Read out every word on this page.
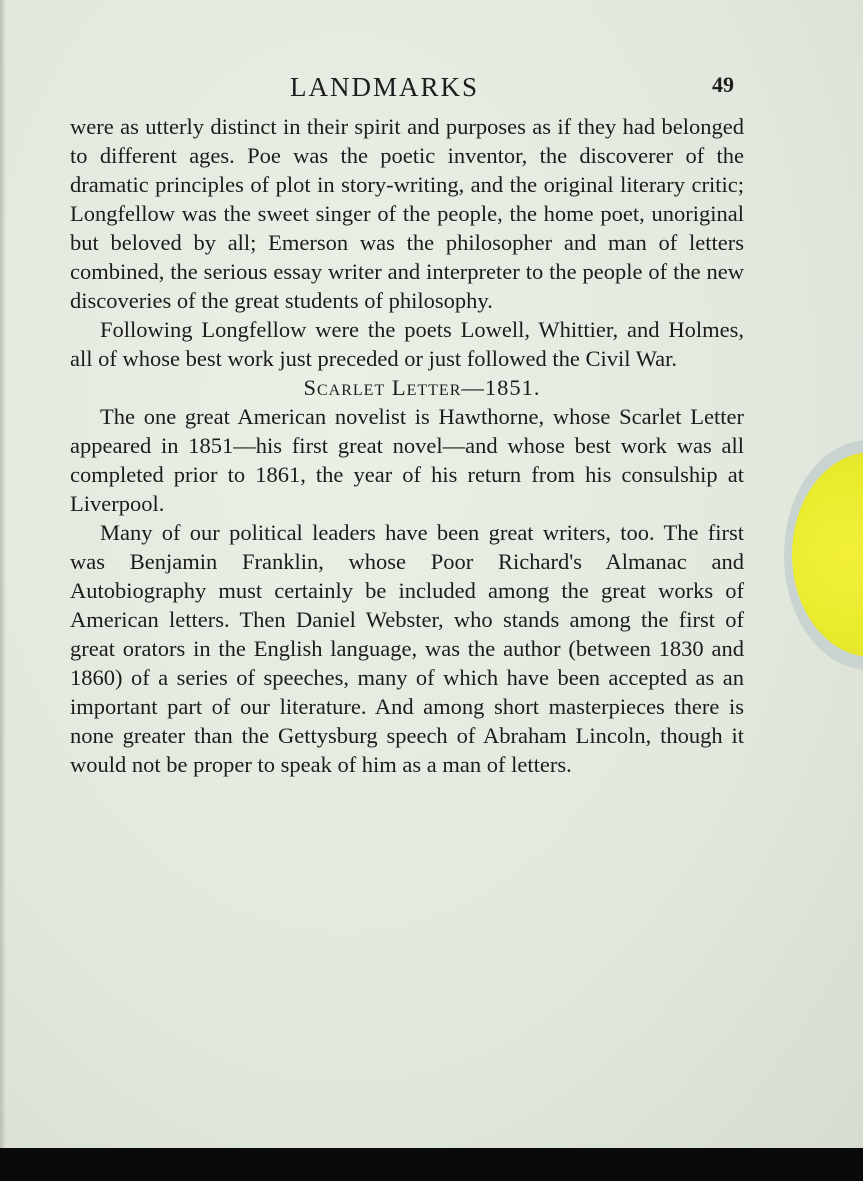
LANDMARKS	49

were as utterly distinct in their spirit and purposes as if they had belonged to different ages. Poe was the poetic inventor, the discoverer of the dramatic principles of plot in story-writing, and the original literary critic; Longfellow was the sweet singer of the people, the home poet, unoriginal but beloved by all; Emerson was the philosopher and man of letters combined, the serious essay writer and interpreter to the people of the new discoveries of the great students of philosophy.

Following Longfellow were the poets Lowell, Whittier, and Holmes, all of whose best work just preceded or just followed the Civil War.

Scarlet Letter—1851.

The one great American novelist is Hawthorne, whose Scarlet Letter appeared in 1851—his first great novel—and whose best work was all completed prior to 1861, the year of his return from his consulship at Liverpool.

Many of our political leaders have been great writers, too. The first was Benjamin Franklin, whose Poor Richard's Almanac and Autobiography must certainly be included among the great works of American letters. Then Daniel Webster, who stands among the first of great orators in the English language, was the author (between 1830 and 1860) of a series of speeches, many of which have been accepted as an important part of our literature. And among short masterpieces there is none greater than the Gettysburg speech of Abraham Lincoln, though it would not be proper to speak of him as a man of letters.
